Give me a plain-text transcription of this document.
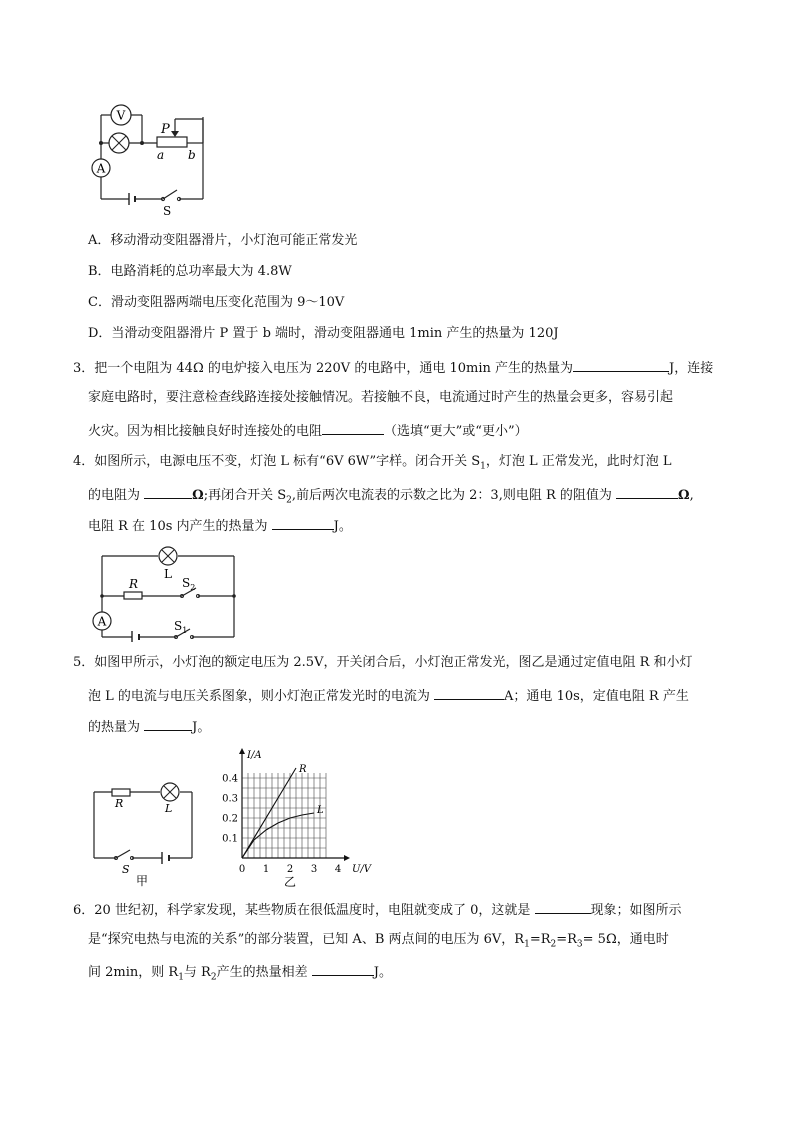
V
A
P
a b
S
A．移动滑动变阻器滑片，小灯泡可能正常发光
B．电路消耗的总功率最大为 4.8W
C．滑动变阻器两端电压变化范围为 9～10V
D．当滑动变阻器滑片 P 置于 b 端时，滑动变阻器通电 1min 产生的热量为 120J
3．把一个电阻为 44Ω 的电炉接入电压为 220V 的电路中，通电 10min 产生的热量为	J，连接
家庭电路时，要注意检查线路连接处接触情况。若接触不良，电流通过时产生的热量会更多，容易引起
火灾。因为相比接触良好时连接处的电阻	（选填“更大”或“更小”）
4．如图所示，电源电压不变，灯泡 L 标有“6V 6W”字样。闭合开关 $S_1$，灯泡 L 正常发光，此时灯泡 L
的电阻为	Ω;再闭合开关 $S_2$,前后两次电流表的示数之比为 2：3,则电阻 R 的阻值为	Ω,
电阻 R 在 10s 内产生的热量为	J。
L
A
R	$S_2$
$S_1$
5．如图甲所示，小灯泡的额定电压为 2.5V，开关闭合后，小灯泡正常发光，图乙是通过定值电阻 R 和小灯
泡 L 的电流与电压关系图象，则小灯泡正常发光时的电流为	A；通电 10s，定值电阻 R 产生
的热量为	J。
R	L
S
甲
0 1 2 3 4
0.1
0.2
0.3
0.4
U/V
I/A
R
L
乙
6．20 世纪初，科学家发现，某些物质在很低温度时，电阻就变成了 0，这就是	现象；如图所示
是“探究电热与电流的关系”的部分装置，已知 A、B 两点间的电压为 6V，$R_1=R_2=R_3= 5\Omega$，通电时
间 2min，则 $R_1$与 $R_2$产生的热量相差	J。
